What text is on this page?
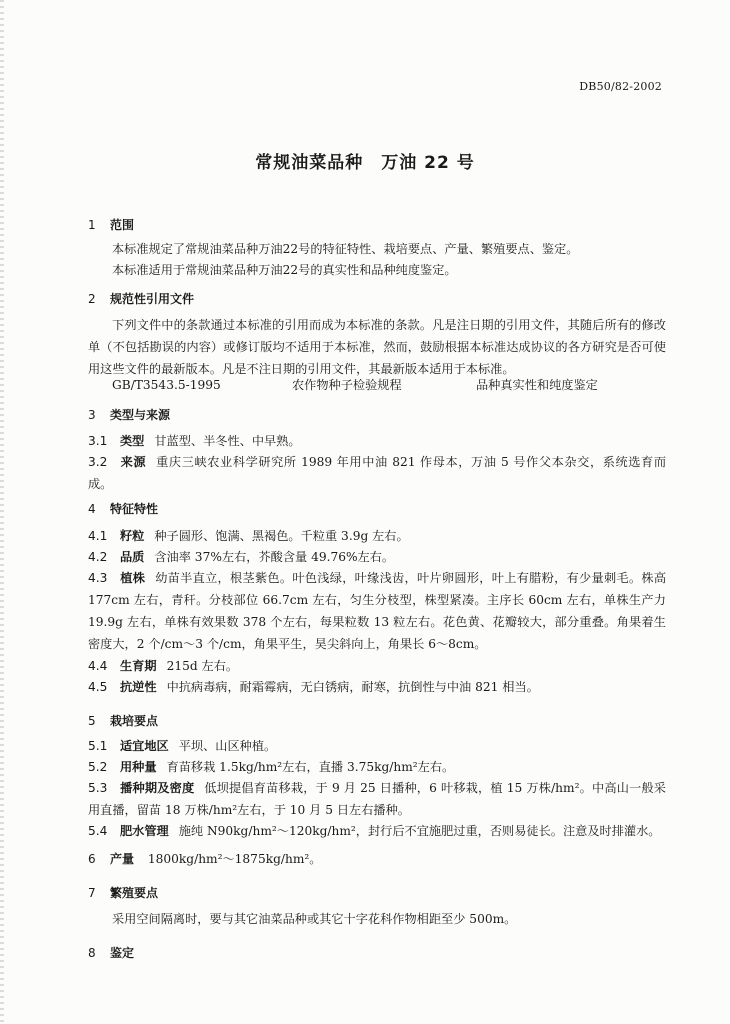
DB50/82-2002
常规油菜品种　万油 22 号
1 范围
本标准规定了常规油菜品种万油22号的特征特性、栽培要点、产量、繁殖要点、鉴定。
本标准适用于常规油菜品种万油22号的真实性和品种纯度鉴定。
2 规范性引用文件
下列文件中的条款通过本标准的引用而成为本标准的条款。凡是注日期的引用文件，其随后所有的修改单（不包括勘误的内容）或修订版均不适用于本标准，然而，鼓励根据本标准达成协议的各方研究是否可使用这些文件的最新版本。凡是不注日期的引用文件，其最新版本适用于本标准。
GB/T3543.5-1995	农作物种子检验规程	品种真实性和纯度鉴定
3 类型与来源
3.1 类型 甘蓝型、半冬性、中早熟。
3.2 来源 重庆三峡农业科学研究所 1989 年用中油 821 作母本，万油 5 号作父本杂交，系统选育而成。
4 特征特性
4.1 籽粒 种子圆形、饱满、黑褐色。千粒重 3.9g 左右。
4.2 品质 含油率 37%左右，芥酸含量 49.76%左右。
4.3 植株 幼苗半直立，根茎紫色。叶色浅绿，叶缘浅齿，叶片卵圆形，叶上有腊粉，有少量刺毛。株高 177cm 左右，青秆。分枝部位 66.7cm 左右，匀生分枝型，株型紧凑。主序长 60cm 左右，单株生产力 19.9g 左右，单株有效果数 378 个左右，每果粒数 13 粒左右。花色黄、花瓣较大，部分重叠。角果着生密度大，2 个/cm～3 个/cm，角果平生，昊尖斜向上，角果长 6～8cm。
4.4 生育期 215d 左右。
4.5 抗逆性 中抗病毒病，耐霜霉病，无白锈病，耐寒，抗倒性与中油 821 相当。
5 栽培要点
5.1 适宜地区 平坝、山区种植。
5.2 用种量 育苗移栽 1.5kg/hm²左右，直播 3.75kg/hm²左右。
5.3 播种期及密度 低坝提倡育苗移栽，于 9 月 25 日播种，6 叶移栽，植 15 万株/hm²。中高山一般采用直播，留苗 18 万株/hm²左右，于 10 月 5 日左右播种。
5.4 肥水管理 施纯 N90kg/hm²～120kg/hm²，封行后不宜施肥过重，否则易徒长。注意及时排灌水。
6 产量 1800kg/hm²～1875kg/hm²。
7 繁殖要点
采用空间隔离时，要与其它油菜品种或其它十字花科作物相距至少 500m。
8 鉴定
